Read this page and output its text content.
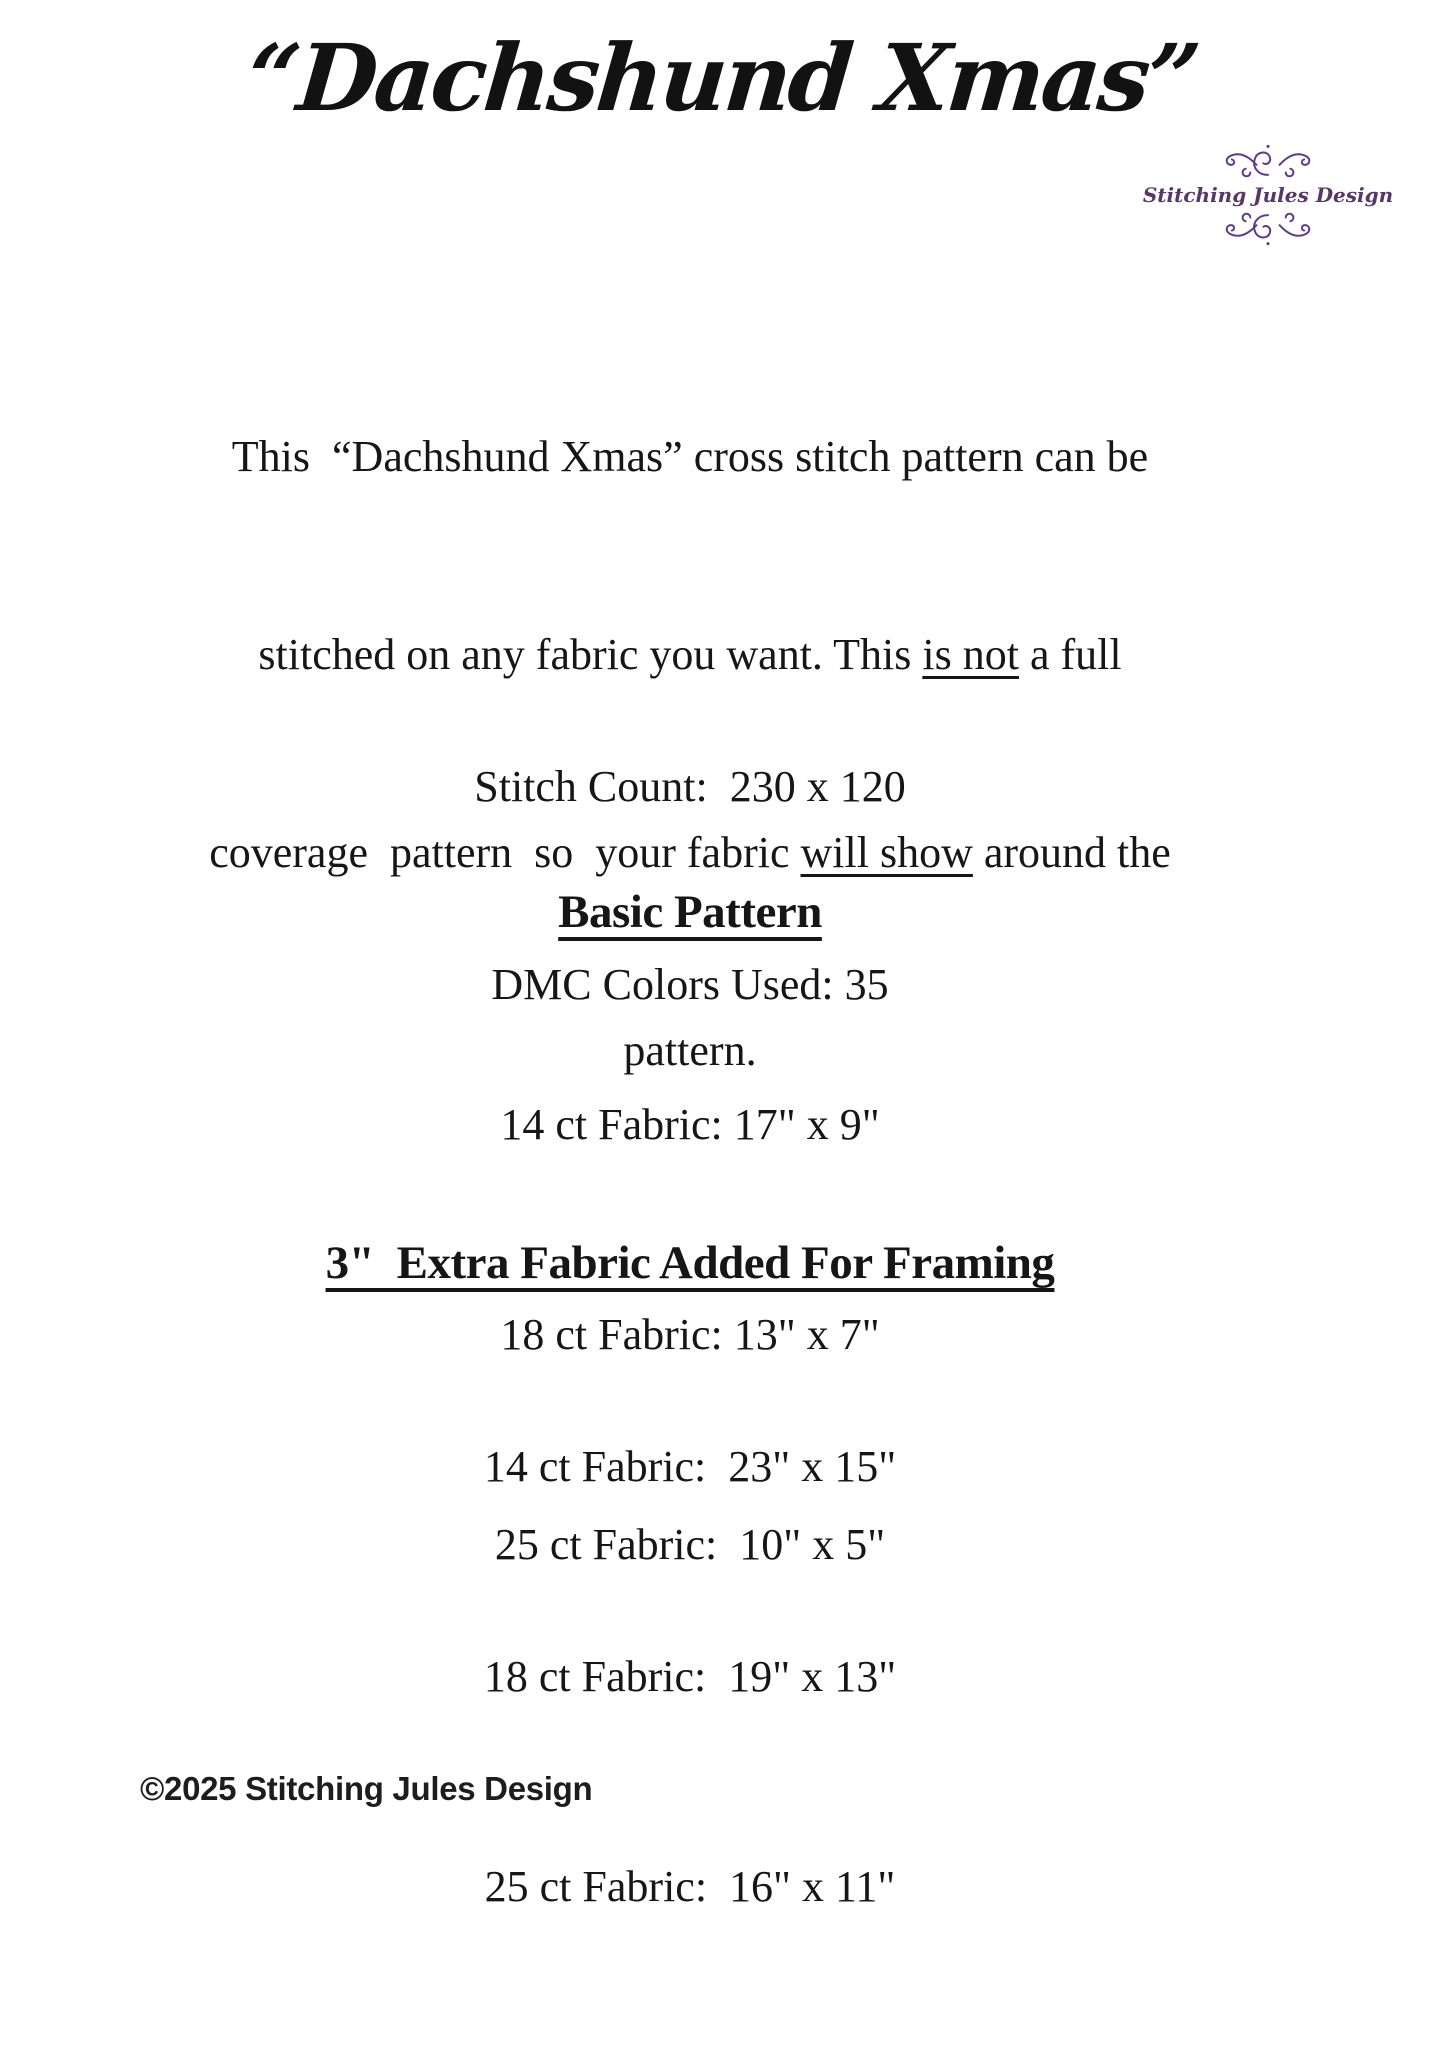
“Dachshund Xmas”
Stitching Jules Design

This  “Dachshund Xmas” cross stitch pattern can be

stitched on any fabric you want. This is not a full

coverage  pattern  so  your fabric will show around the

pattern.

Stitch Count:  230 x 120

DMC Colors Used: 35

Basic Pattern

14 ct Fabric: 17" x 9"

18 ct Fabric: 13" x 7"

25 ct Fabric:  10" x 5"

3"  Extra Fabric Added For Framing

14 ct Fabric:  23" x 15"

18 ct Fabric:  19" x 13"

25 ct Fabric:  16" x 11"

©2025 Stitching Jules Design
